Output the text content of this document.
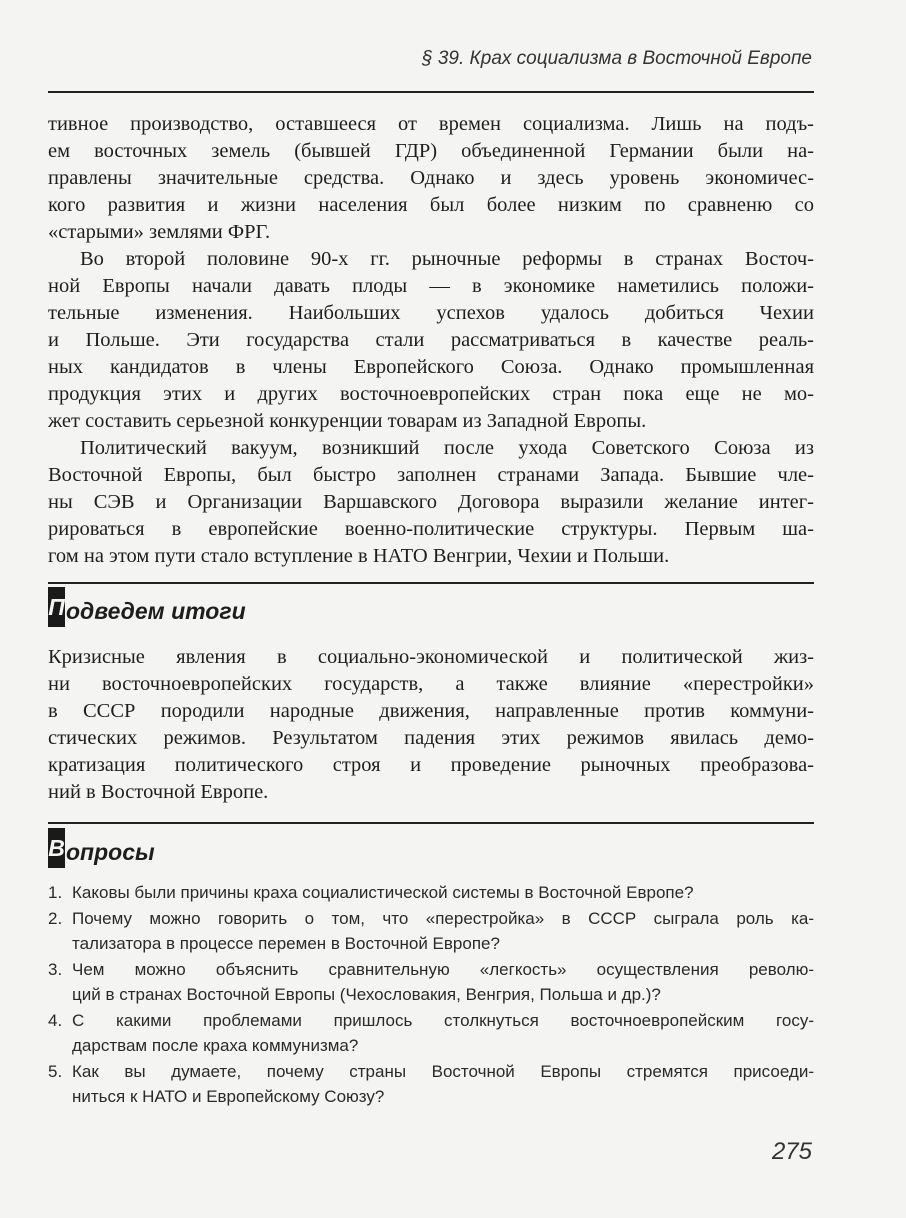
§ 39. Крах социализма в Восточной Европе
тивное производство, оставшееся от времен социализма. Лишь на подъ-
ем восточных земель (бывшей ГДР) объединенной Германии были на-
правлены значительные средства. Однако и здесь уровень экономичес-
кого развития и жизни населения был более низким по сравненю со
«старыми» землями ФРГ.
Во второй половине 90-х гг. рыночные реформы в странах Восточ-
ной Европы начали давать плоды — в экономике наметились положи-
тельные изменения. Наибольших успехов удалось добиться Чехии
и Польше. Эти государства стали рассматриваться в качестве реаль-
ных кандидатов в члены Европейского Союза. Однако промышленная
продукция этих и других восточноевропейских стран пока еще не мо-
жет составить серьезной конкуренции товарам из Западной Европы.
Политический вакуум, возникший после ухода Советского Союза из
Восточной Европы, был быстро заполнен странами Запада. Бывшие чле-
ны СЭВ и Организации Варшавского Договора выразили желание интег-
рироваться в европейские военно-политические структуры. Первым ша-
гом на этом пути стало вступление в НАТО Венгрии, Чехии и Польши.
Подведем итоги
Кризисные явления в социально-экономической и политической жиз-
ни восточноевропейских государств, а также влияние «перестройки»
в СССР породили народные движения, направленные против коммуни-
стических режимов. Результатом падения этих режимов явилась демо-
кратизация политического строя и проведение рыночных преобразова-
ний в Восточной Европе.
Вопросы
1. Каковы были причины краха социалистической системы в Восточной Европе?
2. Почему можно говорить о том, что «перестройка» в СССР сыграла роль ка-
тализатора в процессе перемен в Восточной Европе?
3. Чем можно объяснить сравнительную «легкость» осуществления револю-
ций в странах Восточной Европы (Чехословакия, Венгрия, Польша и др.)?
4. С какими проблемами пришлось столкнуться восточноевропейским госу-
дарствам после краха коммунизма?
5. Как вы думаете, почему страны Восточной Европы стремятся присоеди-
ниться к НАТО и Европейскому Союзу?
275
